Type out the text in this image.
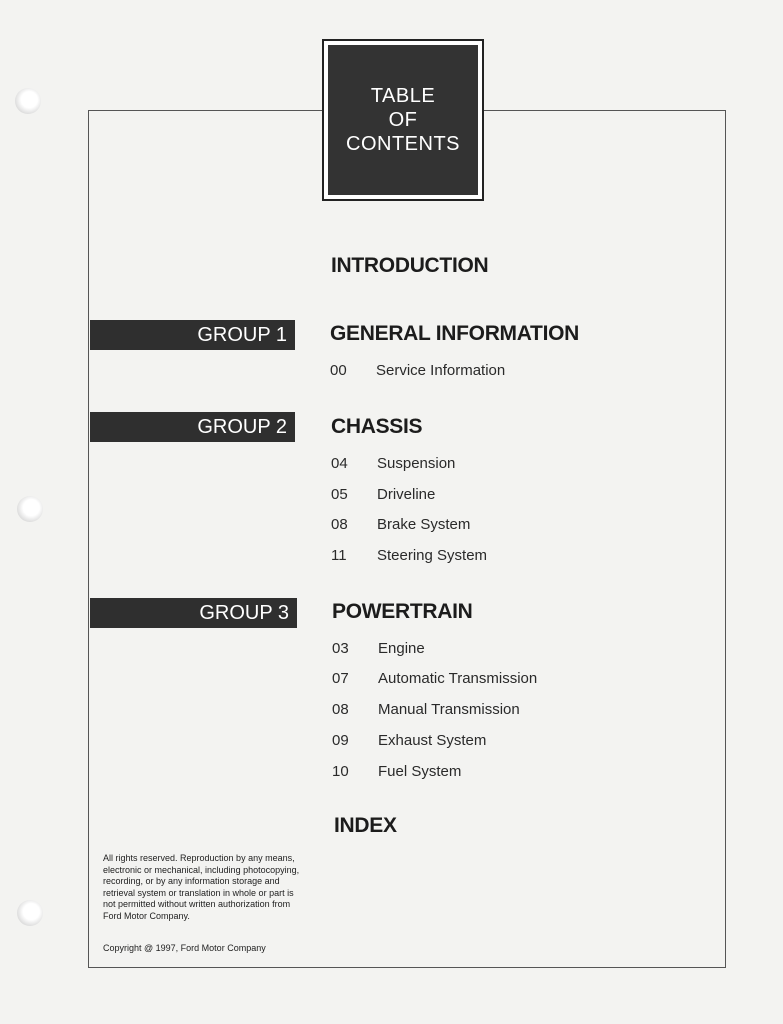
TABLE
OF
CONTENTS
INTRODUCTION
GROUP 1	GENERAL INFORMATION
00 Service Information
GROUP 2	CHASSIS
04 Suspension
05 Driveline
08 Brake System
11 Steering System
GROUP 3	POWERTRAIN
03 Engine
07 Automatic Transmission
08 Manual Transmission
09 Exhaust System
10 Fuel System
INDEX
All rights reserved. Reproduction by any means, electronic or mechanical, including photocopying, recording, or by any information storage and retrieval system or translation in whole or part is not permitted without written authorization from Ford Motor Company.
Copyright @ 1997, Ford Motor Company
